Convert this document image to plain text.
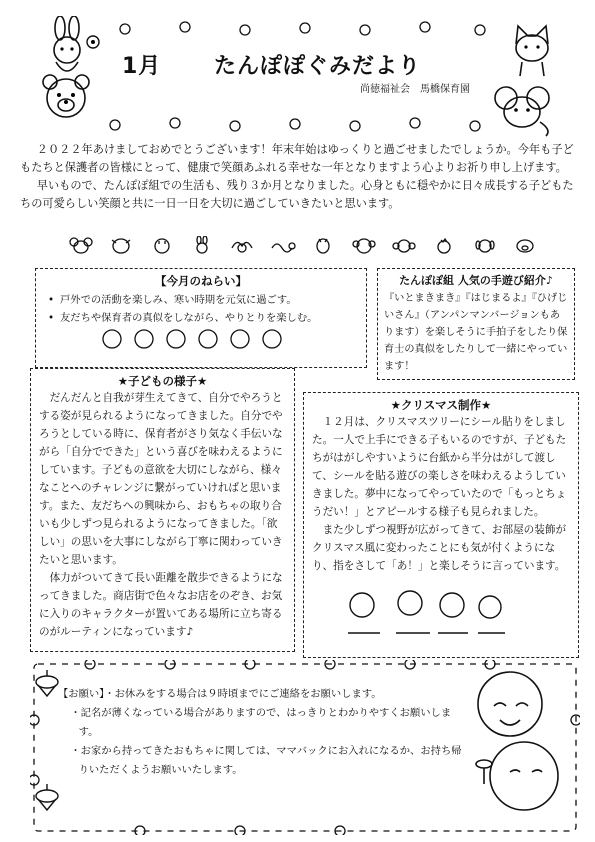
1月 たんぽぽぐみだより
尚徳福祉会　馬橋保育園

２０２２年あけましておめでとうございます！年末年始はゆっくりと過ごせましたでしょうか。今年も子どもたちと保護者の皆様にとって、健康で笑顔あふれる幸せな一年となりますよう心よりお祈り申し上げます。

早いもので、たんぽぽ組での生活も、残り３か月となりました。心身ともに穏やかに日々成長する子どもたちの可愛らしい笑顔と共に一日一日を大切に過ごしていきたいと思います。

【今月のねらい】
• 戸外での活動を楽しみ、寒い時期を元気に過ごす。
• 友だちや保育者の真似をしながら、やりとりを楽しむ。
たんぽぽ組 人気の手遊び紹介♪

『いとまきまき』『はじまるよ』『ひげじいさん』（アンパンマンバージョンもあります）を楽しそうに手拍子をしたり保育士の真似をしたりして一緒にやっています！

★子どもの様子★

だんだんと自我が芽生えてきて、自分でやろうとする姿が見られるようになってきました。自分でやろうとしている時に、保育者がさり気なく手伝いながら「自分でできた」という喜びを味わえるようにしています。子どもの意欲を大切にしながら、様々なことへのチャレンジに繋がっていければと思います。また、友だちへの興味から、おもちゃの取り合いも少しずつ見られるようになってきました。「欲しい」の思いを大事にしながら丁寧に関わっていきたいと思います。

体力がついてきて長い距離を散歩できるようになってきました。商店街で色々なお店をのぞき、お気に入りのキャラクターが置いてある場所に立ち寄るのがルーティンになっています♪

★クリスマス制作★

１２月は、クリスマスツリーにシール貼りをしました。一人で上手にできる子もいるのですが、子どもたちがはがしやすいように台紙から半分はがして渡して、シールを貼る遊びの楽しさを味わえるようしていきました。夢中になってやっていたので「もっとちょうだい！」とアピールする様子も見られました。

また少しずつ視野が広がってきて、お部屋の装飾がクリスマス風に変わったことにも気が付くようになり、指をさして「あ！」と楽しそうに言っています。

【お願い】・お休みをする場合は９時頃までにご連絡をお願いします。
・記名が薄くなっている場合がありますので、はっきりとわかりやすくお願いします。
・お家から持ってきたおもちゃに関しては、ママバックにお入れになるか、お持ち帰りいただくようお願いいたします。
